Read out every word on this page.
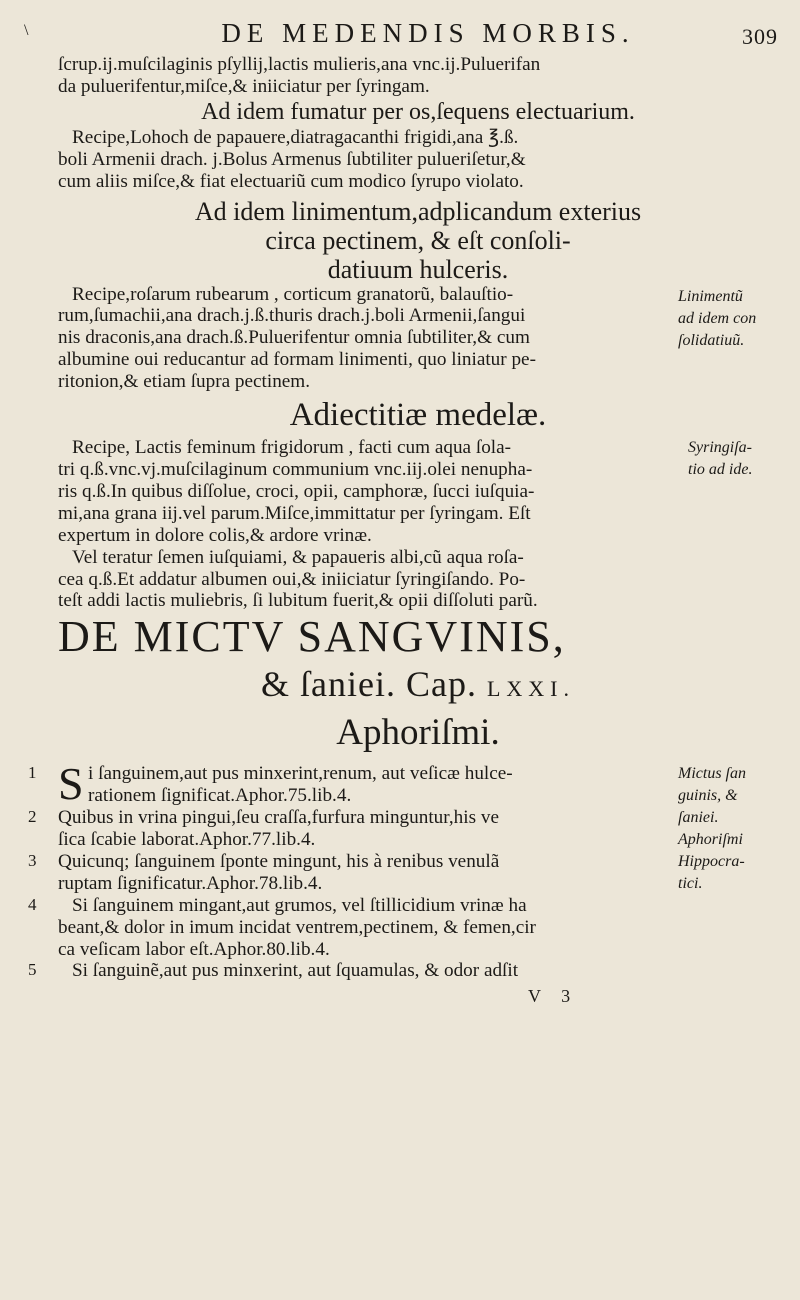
\	DE MEDENDIS MORBIS.	309
ſcrup.ij.muſcilaginis pſyllij,lactis mulieris,ana vnc.ij.Puluerifan
da puluerifentur,miſce,& iniiciatur per ſyringam.
Ad idem fumatur per os,ſequens electuarium.
Recipe,Lohoch de papauere,diatragacanthi frigidi,ana ℥.ß.
boli Armenii drach. j.Bolus Armenus ſubtiliter pulueriſetur,&
cum aliis miſce,& fiat electuariũ cum modico ſyrupo violato.
Ad idem linimentum,adplicandum exterius
circa pectinem, & eſt conſoli-
datiuum hulceris.
Recipe,roſarum rubearum , corticum granatorũ, balauſtio-
rum,ſumachii,ana drach.j.ß.thuris drach.j.boli Armenii,ſangui
nis draconis,ana drach.ß.Puluerifentur omnia ſubtiliter,& cum
albumine oui reducantur ad formam linimenti, quo liniatur pe-
ritonion,& etiam ſupra pectinem.
Linimentũ
ad idem con
ſolidatiuũ.
Adiectitiæ medelæ.
Recipe, Lactis feminum frigidorum , facti cum aqua ſola-
tri q.ß.vnc.vj.muſcilaginum communium vnc.iij.olei nenupha-
ris q.ß.In quibus diſſolue, croci, opii, camphoræ, ſucci iuſquia-
mi,ana grana iij.vel parum.Miſce,immittatur per ſyringam. Eſt
expertum in dolore colis,& ardore vrinæ.
Syringiſa-
tio ad ide.
Vel teratur ſemen iuſquiami, & papaueris albi,cũ aqua roſa-
cea q.ß.Et addatur albumen oui,& iniiciatur ſyringiſando. Po-
teſt addi lactis muliebris, ſi lubitum fuerit,& opii diſſoluti parũ.
DE MICTV SANGVINIS,
& ſaniei. Cap. LXXI.
Aphoriſmi.
1 S i ſanguinem,aut pus minxerint,renum, aut veſicæ hulce-
rationem ſignificat.Aphor.75.lib.4.
2 Quibus in vrina pingui,ſeu craſſa,furfura minguntur,his ve
ſica ſcabie laborat.Aphor.77.lib.4.
3 Quicunq; ſanguinem ſponte mingunt, his à renibus venulã
ruptam ſignificatur.Aphor.78.lib.4.
4	Si ſanguinem mingant,aut grumos, vel ſtillicidium vrinæ ha
beant,& dolor in imum incidat ventrem,pectinem, & femen,cir
ca veſicam labor eſt.Aphor.80.lib.4.
5	Si ſanguinẽ,aut pus minxerint, aut ſquamulas, & odor adſit
Mictus ſan
guinis, &
ſaniei.
Aphoriſmi
Hippocra-
tici.
V 3
